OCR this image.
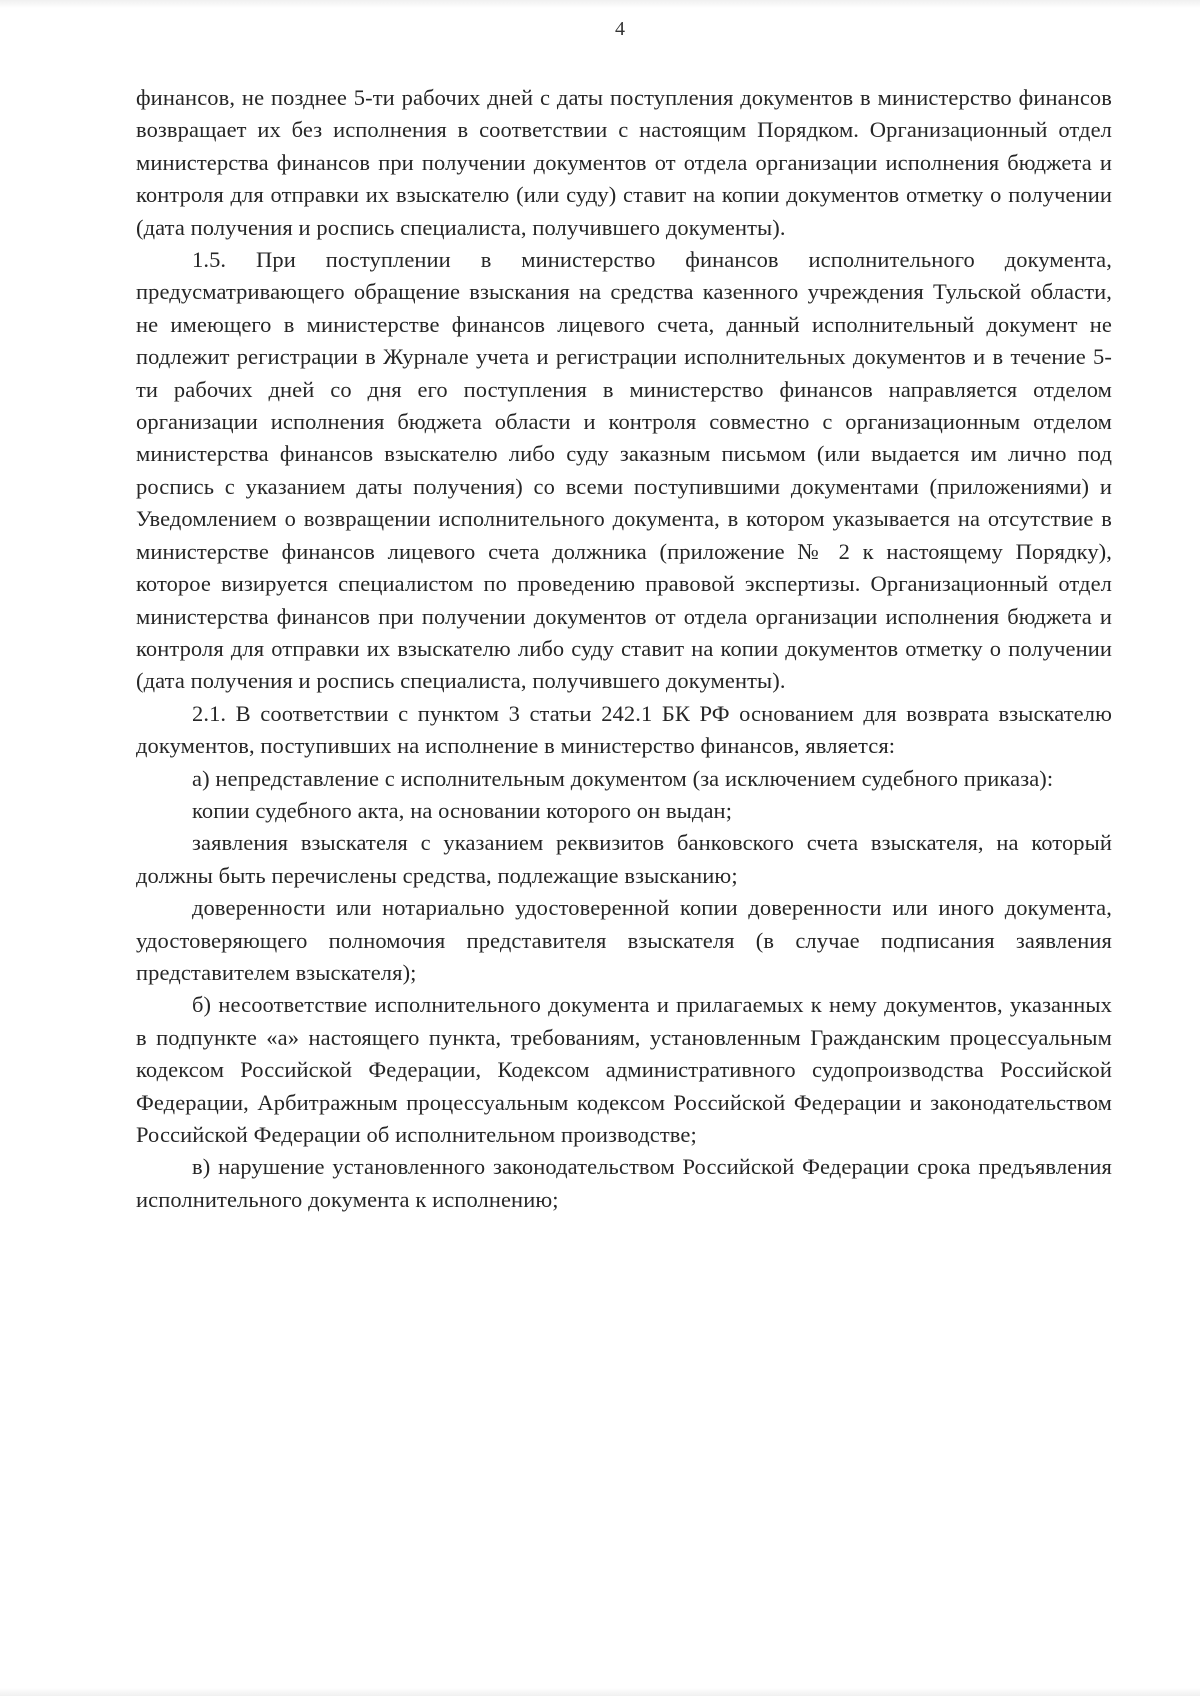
4

финансов, не позднее 5-ти рабочих дней с даты поступления документов в министерство финансов возвращает их без исполнения в соответствии с настоящим Порядком. Организационный отдел министерства финансов при получении документов от отдела организации исполнения бюджета и контроля для отправки их взыскателю (или суду) ставит на копии документов отметку о получении (дата получения и роспись специалиста, получившего документы).

1.5. При поступлении в министерство финансов исполнительного документа, предусматривающего обращение взыскания на средства казенного учреждения Тульской области, не имеющего в министерстве финансов лицевого счета, данный исполнительный документ не подлежит регистрации в Журнале учета и регистрации исполнительных документов и в течение 5-ти рабочих дней со дня его поступления в министерство финансов направляется отделом организации исполнения бюджета области и контроля совместно с организационным отделом министерства финансов взыскателю либо суду заказным письмом (или выдается им лично под роспись с указанием даты получения) со всеми поступившими документами (приложениями) и Уведомлением о возвращении исполнительного документа, в котором указывается на отсутствие в министерстве финансов лицевого счета должника (приложение № 2 к настоящему Порядку), которое визируется специалистом по проведению правовой экспертизы. Организационный отдел министерства финансов при получении документов от отдела организации исполнения бюджета и контроля для отправки их взыскателю либо суду ставит на копии документов отметку о получении (дата получения и роспись специалиста, получившего документы).

2.1. В соответствии с пунктом 3 статьи 242.1 БК РФ основанием для возврата взыскателю документов, поступивших на исполнение в министерство финансов, является:

а) непредставление с исполнительным документом (за исключением судебного приказа):

копии судебного акта, на основании которого он выдан;

заявления взыскателя с указанием реквизитов банковского счета взыскателя, на который должны быть перечислены средства, подлежащие взысканию;

доверенности или нотариально удостоверенной копии доверенности или иного документа, удостоверяющего полномочия представителя взыскателя (в случае подписания заявления представителем взыскателя);

б) несоответствие исполнительного документа и прилагаемых к нему документов, указанных в подпункте «а» настоящего пункта, требованиям, установленным Гражданским процессуальным кодексом Российской Федерации, Кодексом административного судопроизводства Российской Федерации, Арбитражным процессуальным кодексом Российской Федерации и законодательством Российской Федерации об исполнительном производстве;

в) нарушение установленного законодательством Российской Федерации срока предъявления исполнительного документа к исполнению;
